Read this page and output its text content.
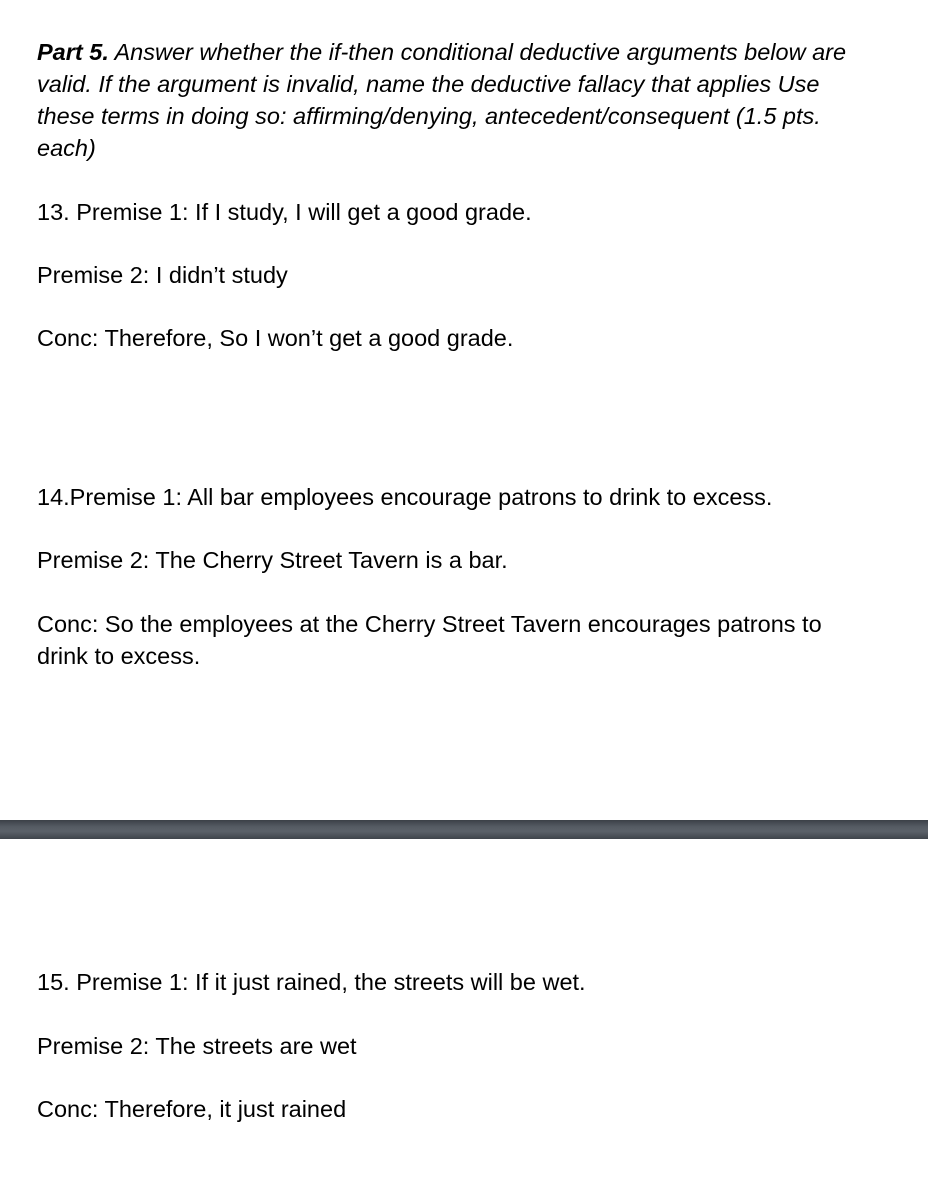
Part 5. Answer whether the if-then conditional deductive arguments below are valid. If the argument is invalid, name the deductive fallacy that applies Use these terms in doing so: affirming/denying, antecedent/consequent (1.5 pts. each)
13. Premise 1: If I study, I will get a good grade.
Premise 2: I didn’t study
Conc: Therefore, So I won’t get a good grade.
14.Premise 1: All bar employees encourage patrons to drink to excess.
Premise 2: The Cherry Street Tavern is a bar.
Conc: So the employees at the Cherry Street Tavern encourages patrons to drink to excess.
15. Premise 1: If it just rained, the streets will be wet.
Premise 2: The streets are wet
Conc: Therefore, it just rained
